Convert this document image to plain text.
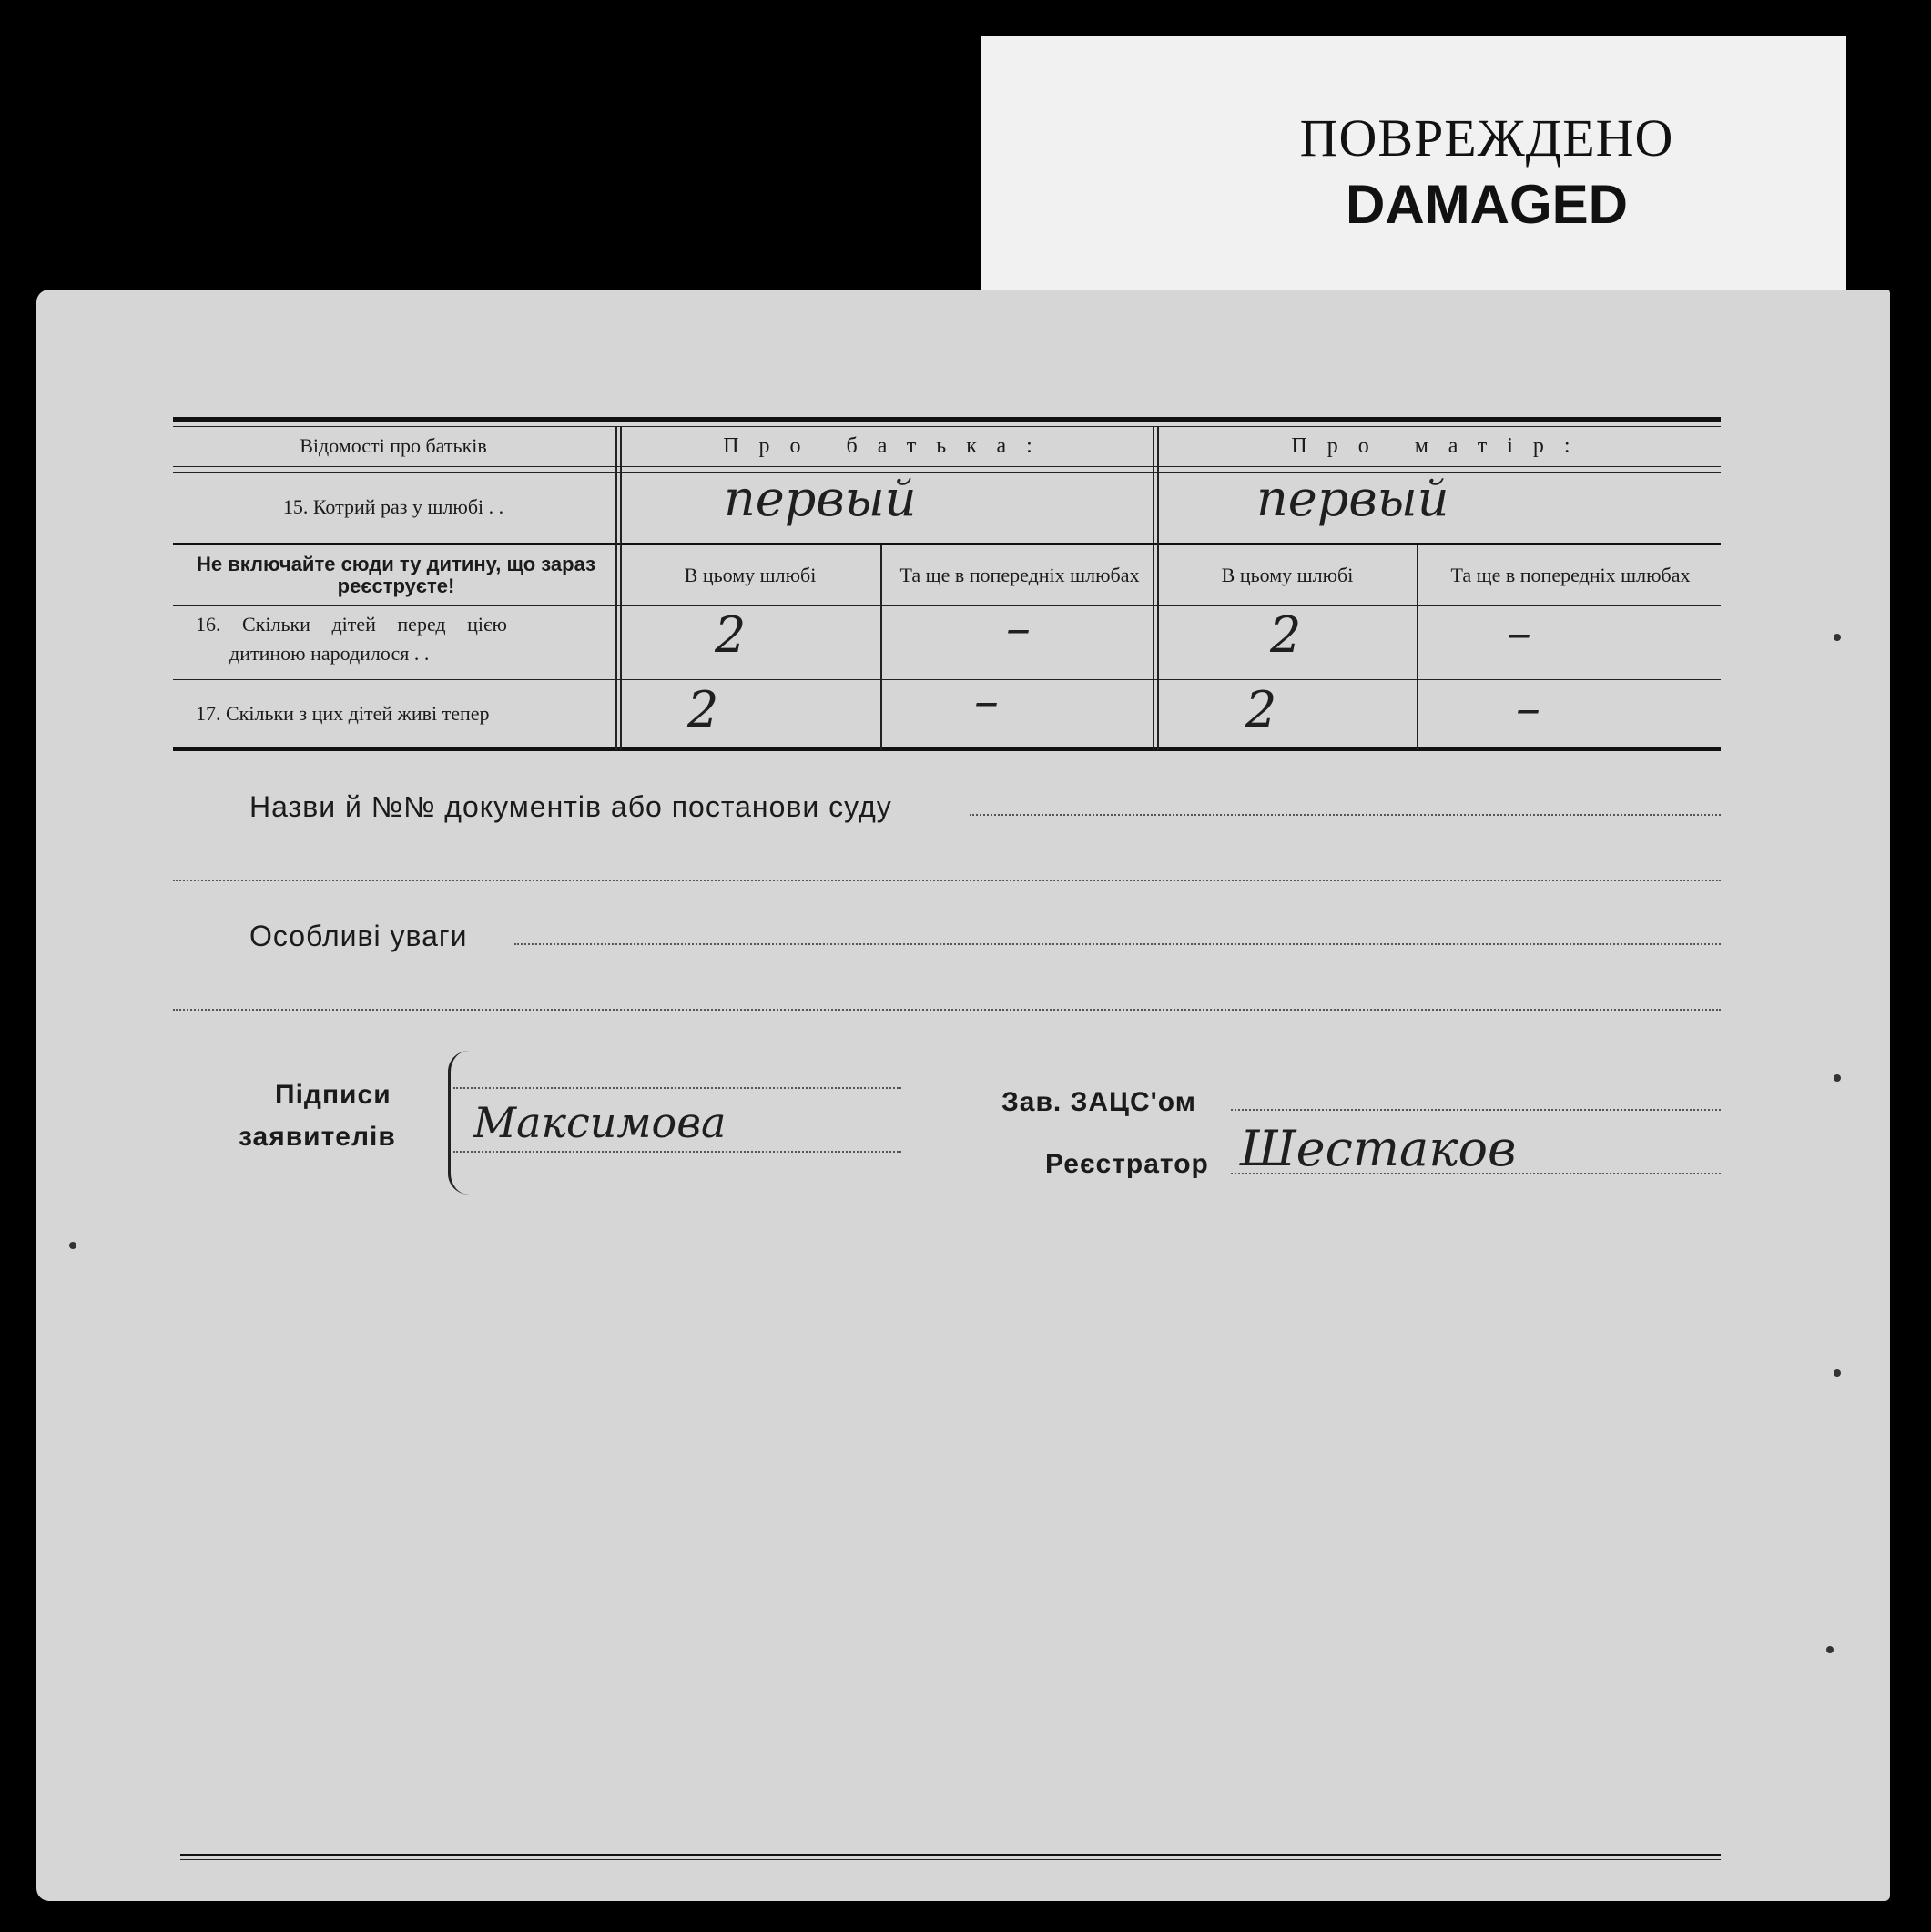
ПОВРЕЖДЕНО
DAMAGED
Відомості про батьків	Про батька:	Про матір:
15. Котрий раз у шлюбі . .	первый	первый
Не включайте сюди ту дитину, що зараз реєструєте!	В цьому шлюбі	Та ще в попередніх шлюбах	В цьому шлюбі	Та ще в попередніх шлюбах
16. Скільки дітей перед цією
дитиною народилося . .	2	–	2	–
17. Скільки з цих дітей живі тепер	2	–	2	–
Назви й №№ документів або постанови суду
Особливі уваги
Підписи
заявителів Максимова	Зав. ЗАЦС'ом
Реєстратор Шестаков
